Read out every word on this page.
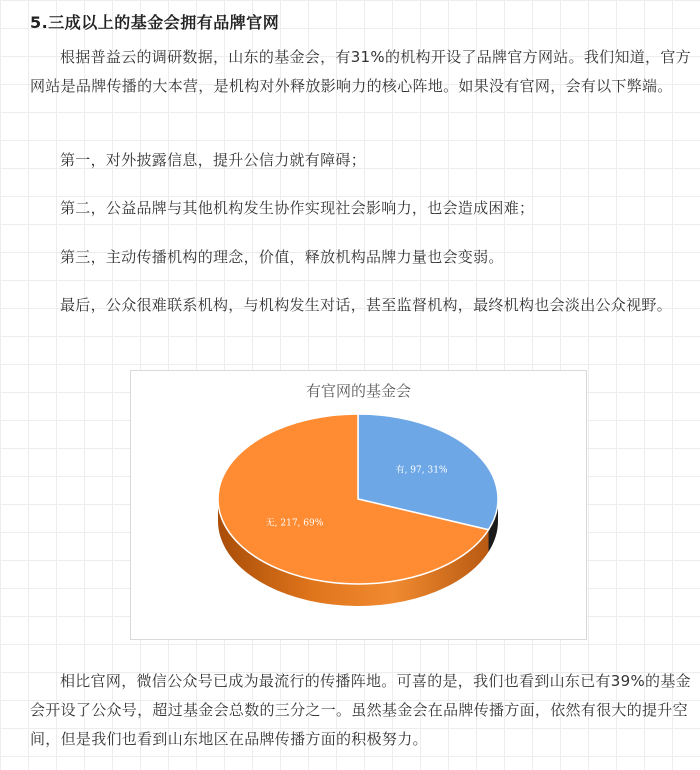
5.三成以上的基金会拥有品牌官网

根据普益云的调研数据，山东的基金会，有31%的机构开设了品牌官方网站。我们知道，官方网站是品牌传播的大本营，是机构对外释放影响力的核心阵地。如果没有官网，会有以下弊端。

第一，对外披露信息，提升公信力就有障碍；

第二，公益品牌与其他机构发生协作实现社会影响力，也会造成困难；

第三，主动传播机构的理念，价值，释放机构品牌力量也会变弱。

最后，公众很难联系机构，与机构发生对话，甚至监督机构，最终机构也会淡出公众视野。

有官网的基金会
有, 97, 31%
无, 217, 69%

相比官网，微信公众号已成为最流行的传播阵地。可喜的是，我们也看到山东已有39%的基金会开设了公众号，超过基金会总数的三分之一。虽然基金会在品牌传播方面，依然有很大的提升空间，但是我们也看到山东地区在品牌传播方面的积极努力。
